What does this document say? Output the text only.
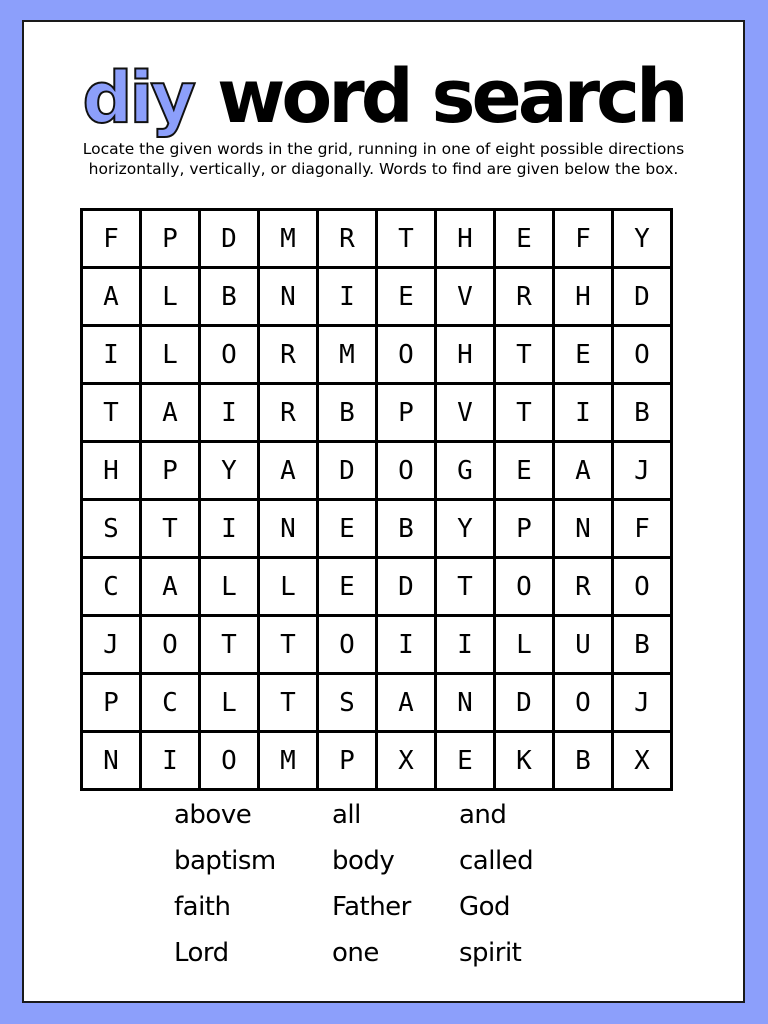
diy word search
Locate the given words in the grid, running in one of eight possible directions horizontally, vertically, or diagonally. Words to find are given below the box.
F	P	D	M	R	T	H	E	F	Y
A	L	B	N	I	E	V	R	H	D
I	L	O	R	M	O	H	T	E	O
T	A	I	R	B	P	V	T	I	B
H	P	Y	A	D	O	G	E	A	J
S	T	I	N	E	B	Y	P	N	F
C	A	L	L	E	D	T	O	R	O
J	O	T	T	O	I	I	L	U	B
P	C	L	T	S	A	N	D	O	J
N	I	O	M	P	X	E	K	B	X
above	all	and
baptism	body	called
faith	Father	God
Lord	one	spirit
